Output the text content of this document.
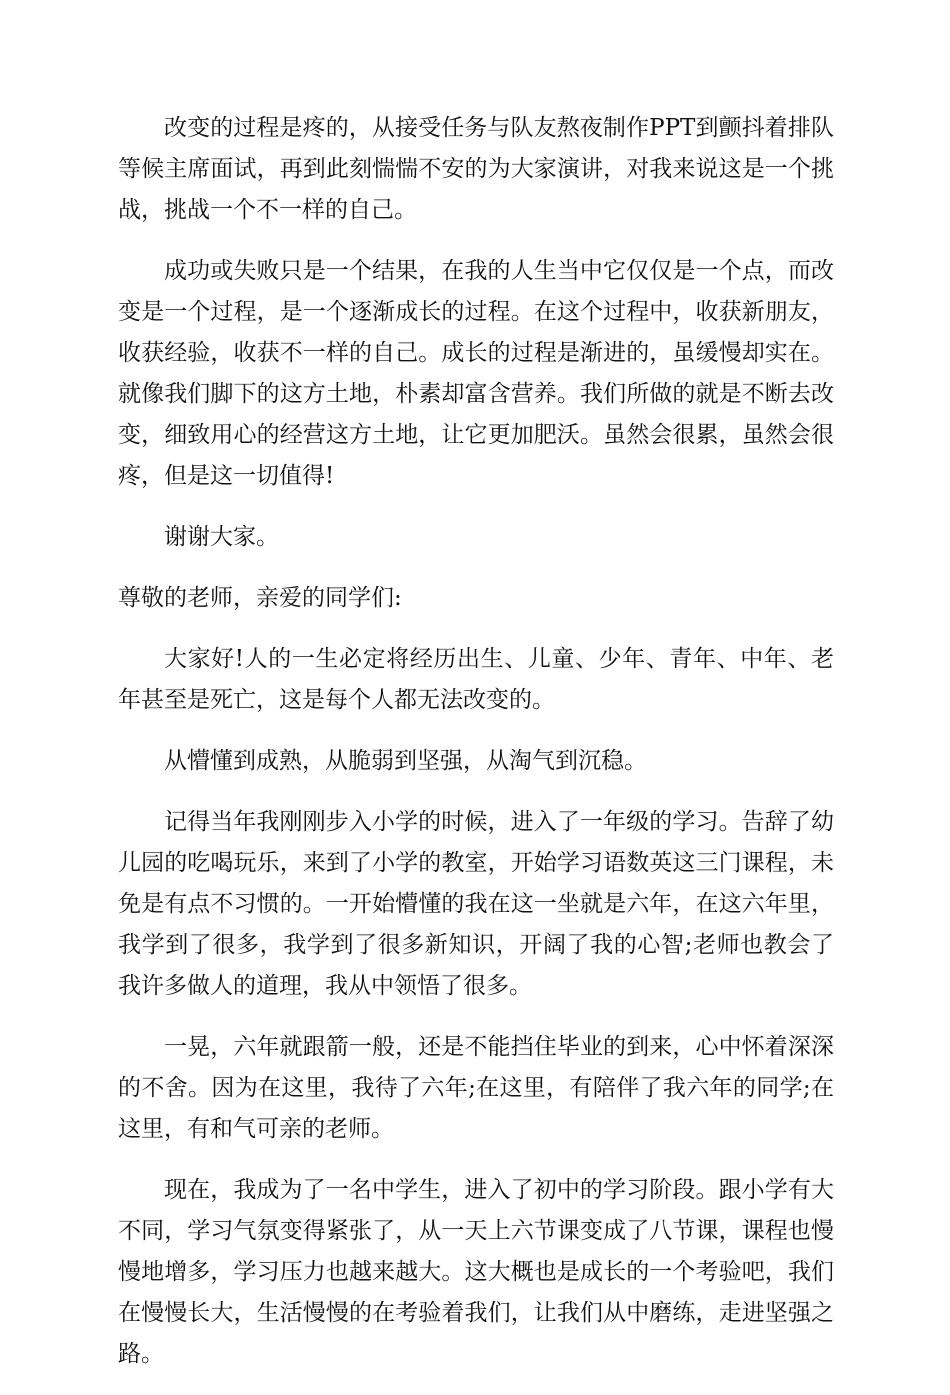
改变的过程是疼的，从接受任务与队友熬夜制作PPT到颤抖着排队等候主席面试，再到此刻惴惴不安的为大家演讲，对我来说这是一个挑战，挑战一个不一样的自己。

成功或失败只是一个结果，在我的人生当中它仅仅是一个点，而改变是一个过程，是一个逐渐成长的过程。在这个过程中，收获新朋友，收获经验，收获不一样的自己。成长的过程是渐进的，虽缓慢却实在。就像我们脚下的这方土地，朴素却富含营养。我们所做的就是不断去改变，细致用心的经营这方土地，让它更加肥沃。虽然会很累，虽然会很疼，但是这一切值得!

谢谢大家。

尊敬的老师，亲爱的同学们:

大家好!人的一生必定将经历出生、儿童、少年、青年、中年、老年甚至是死亡，这是每个人都无法改变的。

从懵懂到成熟，从脆弱到坚强，从淘气到沉稳。

记得当年我刚刚步入小学的时候，进入了一年级的学习。告辞了幼儿园的吃喝玩乐，来到了小学的教室，开始学习语数英这三门课程，未免是有点不习惯的。一开始懵懂的我在这一坐就是六年，在这六年里，我学到了很多，我学到了很多新知识，开阔了我的心智;老师也教会了我许多做人的道理，我从中领悟了很多。

一晃，六年就跟箭一般，还是不能挡住毕业的到来，心中怀着深深的不舍。因为在这里，我待了六年;在这里，有陪伴了我六年的同学;在这里，有和气可亲的老师。

现在，我成为了一名中学生，进入了初中的学习阶段。跟小学有大不同，学习气氛变得紧张了，从一天上六节课变成了八节课，课程也慢慢地增多，学习压力也越来越大。这大概也是成长的一个考验吧，我们在慢慢长大，生活慢慢的在考验着我们，让我们从中磨练，走进坚强之路。
